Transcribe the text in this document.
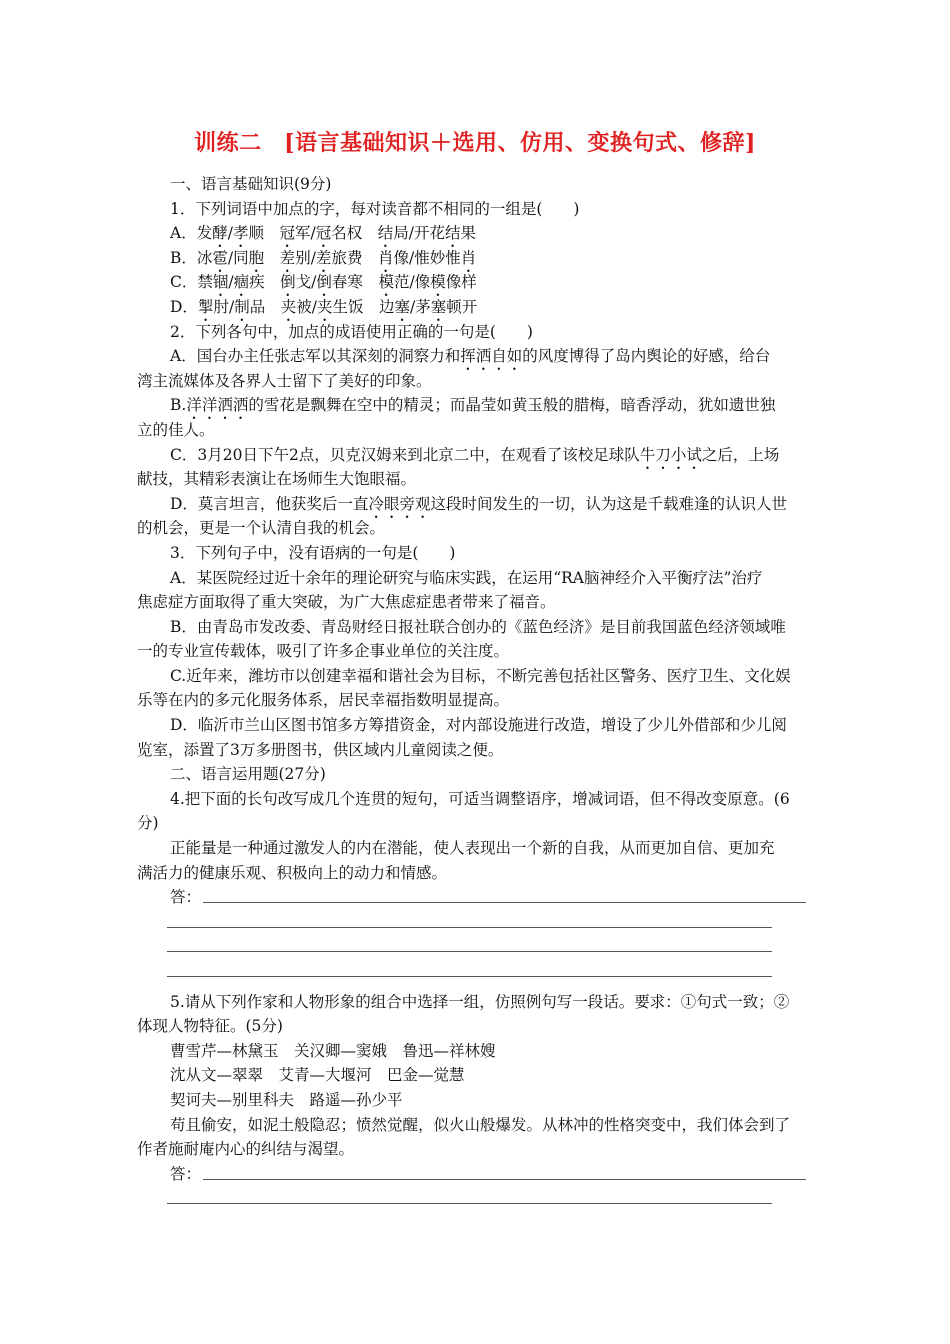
训练二　[语言基础知识＋选用、仿用、变换句式、修辞]
一、语言基础知识(9分)
1．下列词语中加点的字，每对读音都不相同的一组是(　　)
A．发酵/孝顺　冠军/冠名权　结局/开花结果
B．冰雹/同胞　 差别/差旅费　肖像/惟妙惟肖
C．禁锢/痼疾　倒戈/倒春寒　模范/像模像样
D．掣肘/制品　夹被/夹生饭　边塞/茅塞顿开
2．下列各句中，加点的成语使用正确的一句是(　　)
A．国台办主任张志军以其深刻的洞察力和挥洒自如的风度博得了岛内舆论的好感，给台
湾主流媒体及各界人士留下了美好的印象。
B.洋洋洒洒的雪花是飘舞在空中的精灵；而晶莹如黄玉般的腊梅，暗香浮动，犹如遗世独
立的佳人。
C．3月20日下午2点，贝克汉姆来到北京二中，在观看了该校足球队牛刀小试之后，上场
献技，其精彩表演让在场师生大饱眼福。
D．莫言坦言，他获奖后一直冷眼旁观这段时间发生的一切，认为这是千载难逢的认识人世
的机会，更是一个认清自我的机会。
3．下列句子中，没有语病的一句是(　　)
A．某医院经过近十余年的理论研究与临床实践，在运用“RA脑神经介入平衡疗法”治疗
焦虑症方面取得了重大突破，为广大焦虑症患者带来了福音。
B．由青岛市发改委、青岛财经日报社联合创办的《蓝色经济》是目前我国蓝色经济领域唯
一的专业宣传载体，吸引了许多企事业单位的关注度。
C.近年来，潍坊市以创建幸福和谐社会为目标，不断完善包括社区警务、医疗卫生、文化娱
乐等在内的多元化服务体系，居民幸福指数明显提高。
D．临沂市兰山区图书馆多方筹措资金，对内部设施进行改造，增设了少儿外借部和少儿阅
览室，添置了3万多册图书，供区域内儿童阅读之便。
二、语言运用题(27分)
4.把下面的长句改写成几个连贯的短句，可适当调整语序，增减词语，但不得改变原意。(6
分)
正能量是一种通过激发人的内在潜能，使人表现出一个新的自我，从而更加自信、更加充
满活力的健康乐观、积极向上的动力和情感。
答：
5.请从下列作家和人物形象的组合中选择一组，仿照例句写一段话。要求：①句式一致；②
体现人物特征。(5分)
曹雪芹—林黛玉　关汉卿—窦娥　鲁迅—祥林嫂
沈从文—翠翠　艾青—大堰河　巴金—觉慧
契诃夫—别里科夫　路遥—孙少平
苟且偷安，如泥土般隐忍；愤然觉醒，似火山般爆发。从林冲的性格突变中，我们体会到了
作者施耐庵内心的纠结与渴望。
答：
